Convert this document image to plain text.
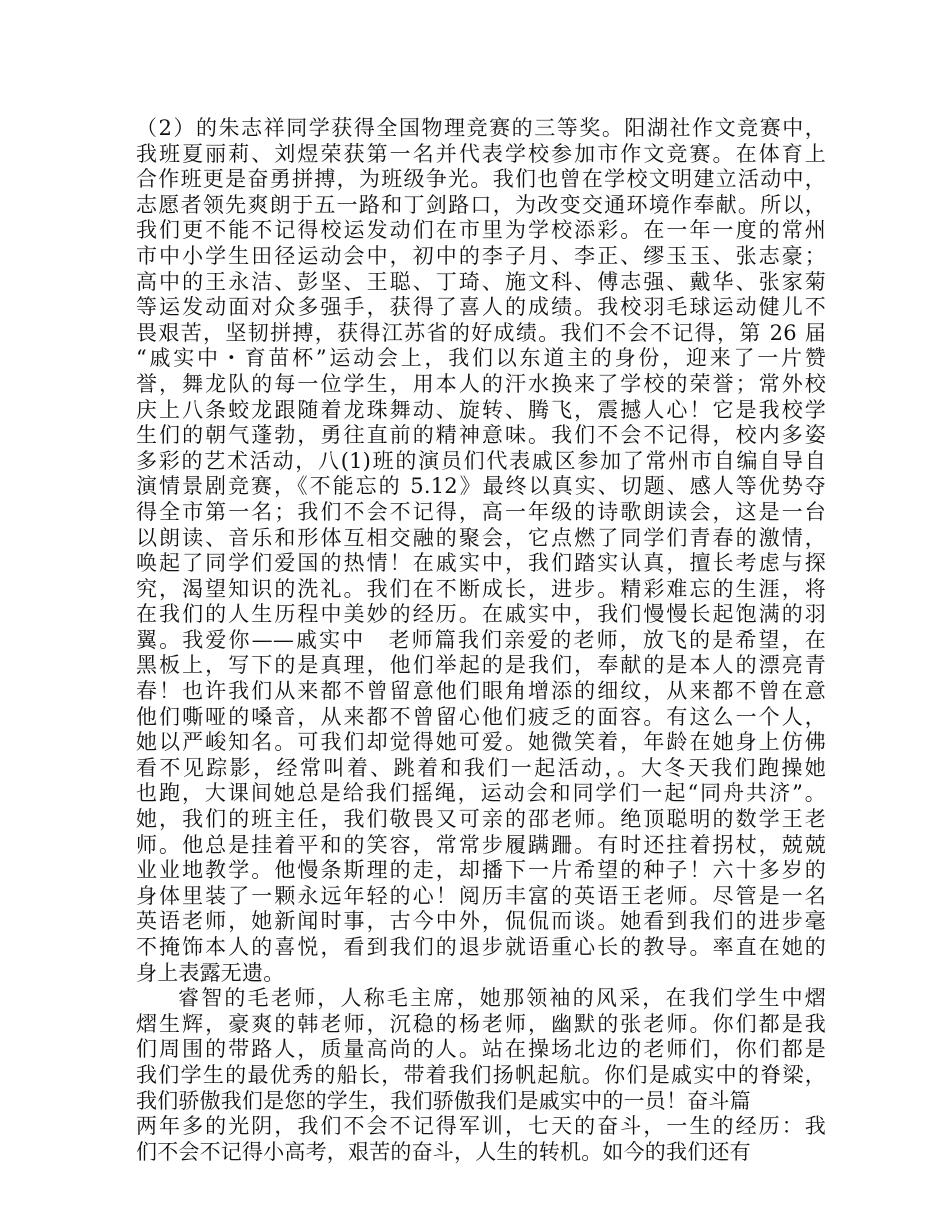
（2）的朱志祥同学获得全国物理竞赛的三等奖。阳湖社作文竞赛中，
我班夏丽莉、刘煜荣获第一名并代表学校参加市作文竞赛。在体育上
合作班更是奋勇拼搏，为班级争光。我们也曾在学校文明建立活动中，
志愿者领先爽朗于五一路和丁剑路口，为改变交通环境作奉献。所以，
我们更不能不记得校运发动们在市里为学校添彩。在一年一度的常州
市中小学生田径运动会中，初中的李子月、李正、缪玉玉、张志豪；
高中的王永洁、彭坚、王聪、丁琦、施文科、傅志强、戴华、张家菊
等运发动面对众多强手，获得了喜人的成绩。我校羽毛球运动健儿不
畏艰苦，坚韧拼搏，获得江苏省的好成绩。我们不会不记得，第 26 届
“戚实中・育苗杯”运动会上，我们以东道主的身份，迎来了一片赞
誉，舞龙队的每一位学生，用本人的汗水换来了学校的荣誉；常外校
庆上八条蛟龙跟随着龙珠舞动、旋转、腾飞，震撼人心！它是我校学
生们的朝气蓬勃，勇往直前的精神意味。我们不会不记得，校内多姿
多彩的艺术活动，八(1)班的演员们代表戚区参加了常州市自编自导自
演情景剧竞赛，《不能忘的 5.12》最终以真实、切题、感人等优势夺
得全市第一名；我们不会不记得，高一年级的诗歌朗读会，这是一台
以朗读、音乐和形体互相交融的聚会，它点燃了同学们青春的激情，
唤起了同学们爱国的热情！在戚实中，我们踏实认真，擅长考虑与探
究，渴望知识的洗礼。我们在不断成长，进步。精彩难忘的生涯，将
在我们的人生历程中美妙的经历。在戚实中，我们慢慢长起饱满的羽
翼。我爱你——戚实中　老师篇我们亲爱的老师，放飞的是希望，在
黑板上，写下的是真理，他们举起的是我们，奉献的是本人的漂亮青
春！也许我们从来都不曾留意他们眼角增添的细纹，从来都不曾在意
他们嘶哑的嗓音，从来都不曾留心他们疲乏的面容。有这么一个人，
她以严峻知名。可我们却觉得她可爱。她微笑着，年龄在她身上仿佛
看不见踪影，经常叫着、跳着和我们一起活动，。大冬天我们跑操她
也跑，大课间她总是给我们摇绳，运动会和同学们一起“同舟共济”。
她，我们的班主任，我们敬畏又可亲的邵老师。绝顶聪明的数学王老
师。他总是挂着平和的笑容，常常步履蹒跚。有时还拄着拐杖，兢兢
业业地教学。他慢条斯理的走，却播下一片希望的种子！六十多岁的
身体里装了一颗永远年轻的心！阅历丰富的英语王老师。尽管是一名
英语老师，她新闻时事，古今中外，侃侃而谈。她看到我们的进步毫
不掩饰本人的喜悦，看到我们的退步就语重心长的教导。率直在她的
身上表露无遗。
睿智的毛老师，人称毛主席，她那领袖的风采，在我们学生中熠
熠生辉，豪爽的韩老师，沉稳的杨老师，幽默的张老师。你们都是我
们周围的带路人，质量高尚的人。站在操场北边的老师们，你们都是
我们学生的最优秀的船长，带着我们扬帆起航。你们是戚实中的脊梁，
我们骄傲我们是您的学生，我们骄傲我们是戚实中的一员！奋斗篇
两年多的光阴，我们不会不记得军训，七天的奋斗，一生的经历：我
们不会不记得小高考，艰苦的奋斗，人生的转机。如今的我们还有
